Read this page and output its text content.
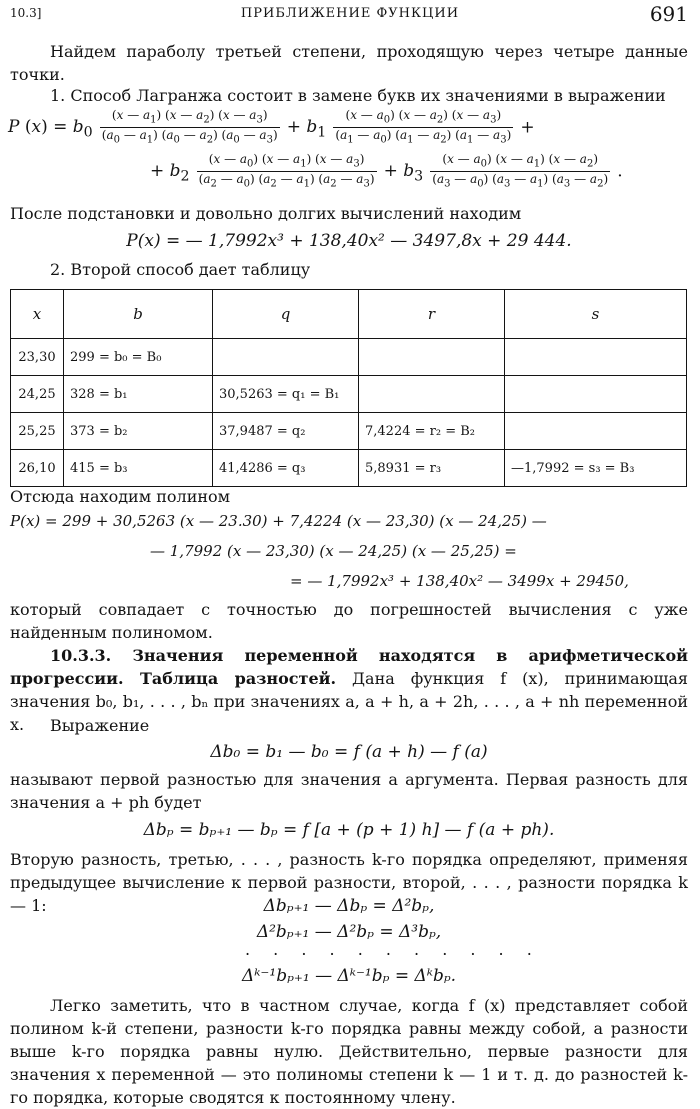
10.3]	ПРИБЛИЖЕНИЕ ФУНКЦИИ	691
Найдем параболу третьей степени, проходящую через четыре данные точки.
1. Способ Лагранжа состоит в замене букв их значениями в выражении
P $(x) = b_0 \frac{(x — a_1) (x — a_2) (x — a_3)}{(a_0 — a_1) (a_0 — a_2) (a_0 — a_3)} + b_1 \frac{(x — a_0) (x — a_2) (x — a_3)}{(a_1 — a_0) (a_1 — a_2) (a_1 — a_3)}$ +
+ $b_2 \frac{(x — a_0) (x — a_1) (x — a_3)}{(a_2 — a_0) (a_2 — a_1) (a_2 — a_3)} + b_3 \frac{(x — a_0) (x — a_1) (x — a_2)}{(a_3 — a_0) (a_3 — a_1) (a_3 — a_2)}$ .
После подстановки и довольно долгих вычислений находим
P(x) = — 1,7992x³ + 138,40x² — 3497,8x + 29 444.
2. Второй способ дает таблицу
x	b	q	r	s
23,30	299 = b₀ = B₀			
24,25	328 = b₁	30,5263 = q₁ = B₁		
25,25	373 = b₂	37,9487 = q₂	7,4224 = r₂ = B₂	
26,10	415 = b₃	41,4286 = q₃	5,8931 = r₃	—1,7992 = s₃ = B₃
Отсюда находим полином
P(x) = 299 + 30,5263 (x — 23.30) + 7,4224 (x — 23,30) (x — 24,25) —
— 1,7992 (x — 23,30) (x — 24,25) (x — 25,25) =
= — 1,7992x³ + 138,40x² — 3499x + 29450,
который совпадает с точностью до погрешностей вычисления с уже найденным полиномом.
10.3.3. Значения переменной находятся в арифметической прогрессии. Таблица разностей. Дана функция f (x), принимающая значения b₀, b₁, . . . , bₙ при значениях a, a + h, a + 2h, . . . , a + nh переменной x.	Выражение
Δb₀ = b₁ — b₀ = f (a + h) — f (a)
называют первой разностью для значения a аргумента. Первая разность для значения a + ph будет
Δbₚ = bₚ₊₁ — bₚ = f [a + (p + 1) h] — f (a + ph).
Вторую разность, третью, . . . , разность k-го порядка определяют, применяя предыдущее вычисление к первой разности, второй, . . . , разности порядка k — 1:	Δbₚ₊₁ — Δbₚ = Δ²bₚ,
Δ²bₚ₊₁ — Δ²bₚ = Δ³bₚ,
. . . . . . . . . . .
Δᵏ⁻¹bₚ₊₁ — Δᵏ⁻¹bₚ = Δᵏbₚ.
Легко заметить, что в частном случае, когда f (x) представляет собой полином k-й степени, разности k-го порядка равны между собой, а разности выше k-го порядка равны нулю. Действительно, первые разности для значения x переменной — это полиномы степени k — 1 и т. д. до разностей k-го порядка, которые сводятся к постоянному члену.
